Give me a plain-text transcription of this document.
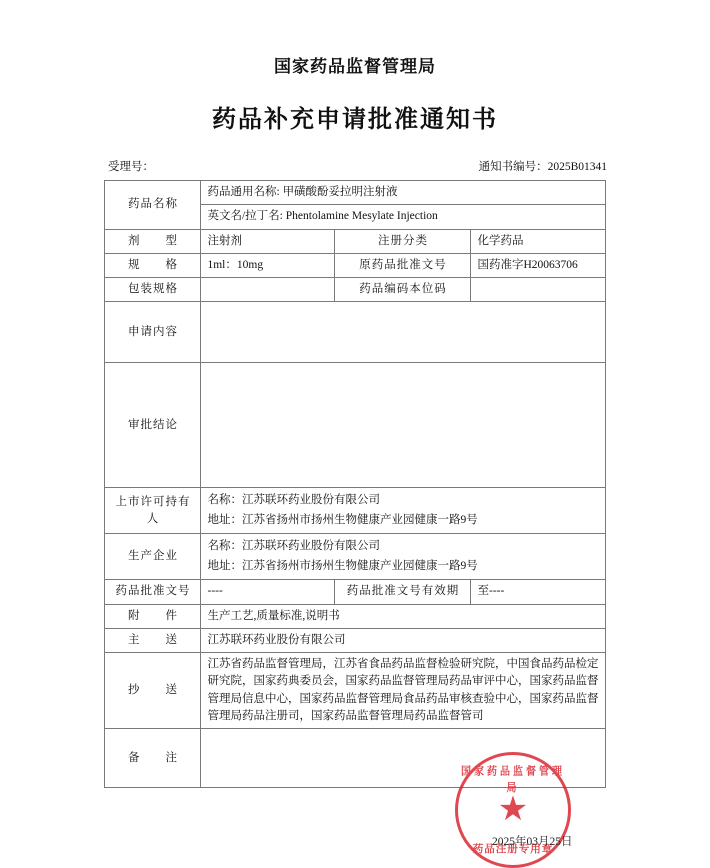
国家药品监督管理局
药品补充申请批准通知书
受理号：	通知书编号：2025B01341
药品名称	药品通用名称: 甲磺酸酚妥拉明注射液		
	英文名/拉丁名: Phentolamine Mesylate Injection		
剂　　型	注射剂	注册分类	化学药品
规　　格	1ml：10mg	原药品批准文号	国药准字H20063706
包装规格		药品编码本位码	
申请内容			
审批结论			
上市许可持有人	名称：江苏联环药业股份有限公司
地址：江苏省扬州市扬州生物健康产业园健康一路9号		

生产企业	名称：江苏联环药业股份有限公司
地址：江苏省扬州市扬州生物健康产业园健康一路9号		

药品批准文号	----	药品批准文号有效期	至----
附　　件	生产工艺,质量标准,说明书		
主　　送	江苏联环药业股份有限公司		
抄　　送	江苏省药品监督管理局，江苏省食品药品监督检验研究院，中国食品药品检定研究院，国家药典委员会，国家药品监督管理局药品审评中心，国家药品监督管理局信息中心，国家药品监督管理局食品药品审核查验中心，国家药品监督管理局药品注册司，国家药品监督管理局药品监督管司		
备　　注			
国家药品监督管理局
★
药品注册专用章
2025年03月25日
